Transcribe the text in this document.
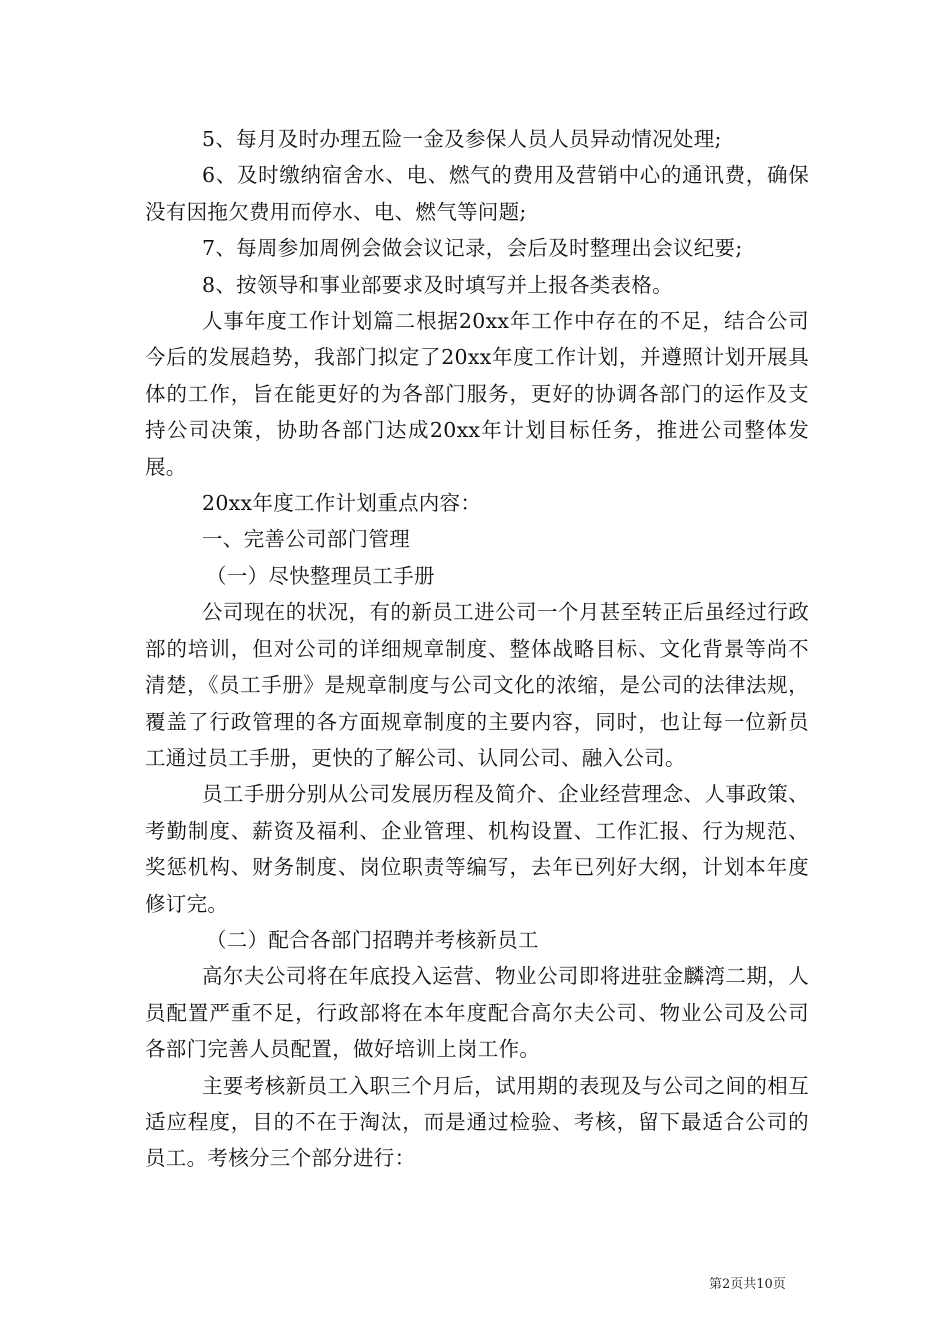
5、每月及时办理五险一金及参保人员人员异动情况处理;

6、及时缴纳宿舍水、电、燃气的费用及营销中心的通讯费，确保没有因拖欠费用而停水、电、燃气等问题;

7、每周参加周例会做会议记录，会后及时整理出会议纪要;

8、按领导和事业部要求及时填写并上报各类表格。

人事年度工作计划篇二根据20xx年工作中存在的不足，结合公司今后的发展趋势，我部门拟定了20xx年度工作计划，并遵照计划开展具体的工作，旨在能更好的为各部门服务，更好的协调各部门的运作及支持公司决策，协助各部门达成20xx年计划目标任务，推进公司整体发展。

20xx年度工作计划重点内容：

一、完善公司部门管理

（一）尽快整理员工手册

公司现在的状况，有的新员工进公司一个月甚至转正后虽经过行政部的培训，但对公司的详细规章制度、整体战略目标、文化背景等尚不清楚，《员工手册》是规章制度与公司文化的浓缩，是公司的法律法规，覆盖了行政管理的各方面规章制度的主要内容，同时，也让每一位新员工通过员工手册，更快的了解公司、认同公司、融入公司。

员工手册分别从公司发展历程及简介、企业经营理念、人事政策、考勤制度、薪资及福利、企业管理、机构设置、工作汇报、行为规范、奖惩机构、财务制度、岗位职责等编写，去年已列好大纲，计划本年度修订完。

（二）配合各部门招聘并考核新员工

高尔夫公司将在年底投入运营、物业公司即将进驻金麟湾二期，人员配置严重不足，行政部将在本年度配合高尔夫公司、物业公司及公司各部门完善人员配置，做好培训上岗工作。

主要考核新员工入职三个月后，试用期的表现及与公司之间的相互适应程度，目的不在于淘汰，而是通过检验、考核，留下最适合公司的员工。考核分三个部分进行：

第2页共10页
